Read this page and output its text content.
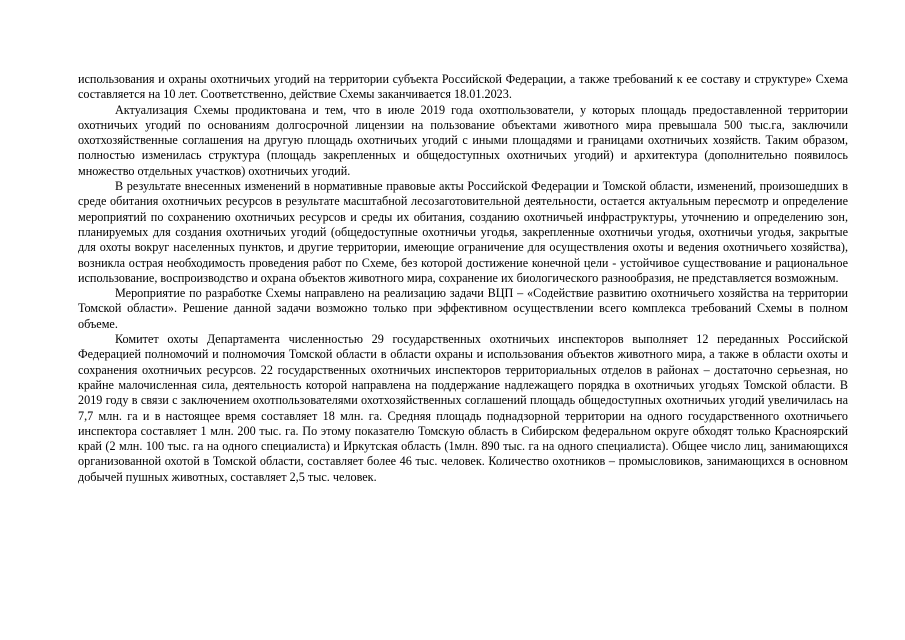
использования и охраны охотничьих угодий на территории субъекта Российской Федерации, а также требований к ее составу и структуре» Схема составляется на 10 лет. Соответственно, действие Схемы заканчивается 18.01.2023.

Актуализация Схемы продиктована и тем, что в июле 2019 года охотпользователи, у которых площадь предоставленной территории охотничьих угодий по основаниям долгосрочной лицензии на пользование объектами животного мира превышала 500 тыс.га, заключили охотхозяйственные соглашения на другую площадь охотничьих угодий с иными площадями и границами охотничьих хозяйств. Таким образом, полностью изменилась структура (площадь закрепленных и общедоступных охотничьих угодий) и архитектура (дополнительно появилось множество отдельных участков) охотничьих угодий.

В результате внесенных изменений в нормативные правовые акты Российской Федерации и Томской области, изменений, произошедших в среде обитания охотничьих ресурсов в результате масштабной лесозаготовительной деятельности, остается актуальным пересмотр и определение мероприятий по сохранению охотничьих ресурсов и среды их обитания, созданию охотничьей инфраструктуры, уточнению и определению зон, планируемых для создания охотничьих угодий (общедоступные охотничьи угодья, закрепленные охотничьи угодья, охотничьи угодья, закрытые для охоты вокруг населенных пунктов, и другие территории, имеющие ограничение для осуществления охоты и ведения охотничьего хозяйства), возникла острая необходимость проведения работ по Схеме, без которой достижение конечной цели - устойчивое существование и рациональное использование, воспроизводство и охрана объектов животного мира, сохранение их биологического разнообразия, не представляется возможным.

Мероприятие по разработке Схемы направлено на реализацию задачи ВЦП – «Содействие развитию охотничьего хозяйства на территории Томской области». Решение данной задачи возможно только при эффективном осуществлении всего комплекса требований Схемы в полном объеме.

Комитет охоты Департамента численностью 29 государственных охотничьих инспекторов выполняет 12 переданных Российской Федерацией полномочий и полномочия Томской области в области охраны и использования объектов животного мира, а также в области охоты и сохранения охотничьих ресурсов. 22 государственных охотничьих инспекторов территориальных отделов в районах – достаточно серьезная, но крайне малочисленная сила, деятельность которой направлена на поддержание надлежащего порядка в охотничьих угодьях Томской области. В 2019 году в связи с заключением охотпользователями охотхозяйственных соглашений площадь общедоступных охотничьих угодий увеличилась на 7,7 млн. га и в настоящее время составляет 18 млн. га. Средняя площадь поднадзорной территории на одного государственного охотничьего инспектора составляет 1 млн. 200 тыс. га. По этому показателю Томскую область в Сибирском федеральном округе обходят только Красноярский край (2 млн. 100 тыс. га на одного специалиста) и Иркутская область (1млн. 890 тыс. га на одного специалиста). Общее число лиц, занимающихся организованной охотой в Томской области, составляет более 46 тыс. человек. Количество охотников – промысловиков, занимающихся в основном добычей пушных животных, составляет 2,5 тыс. человек.
